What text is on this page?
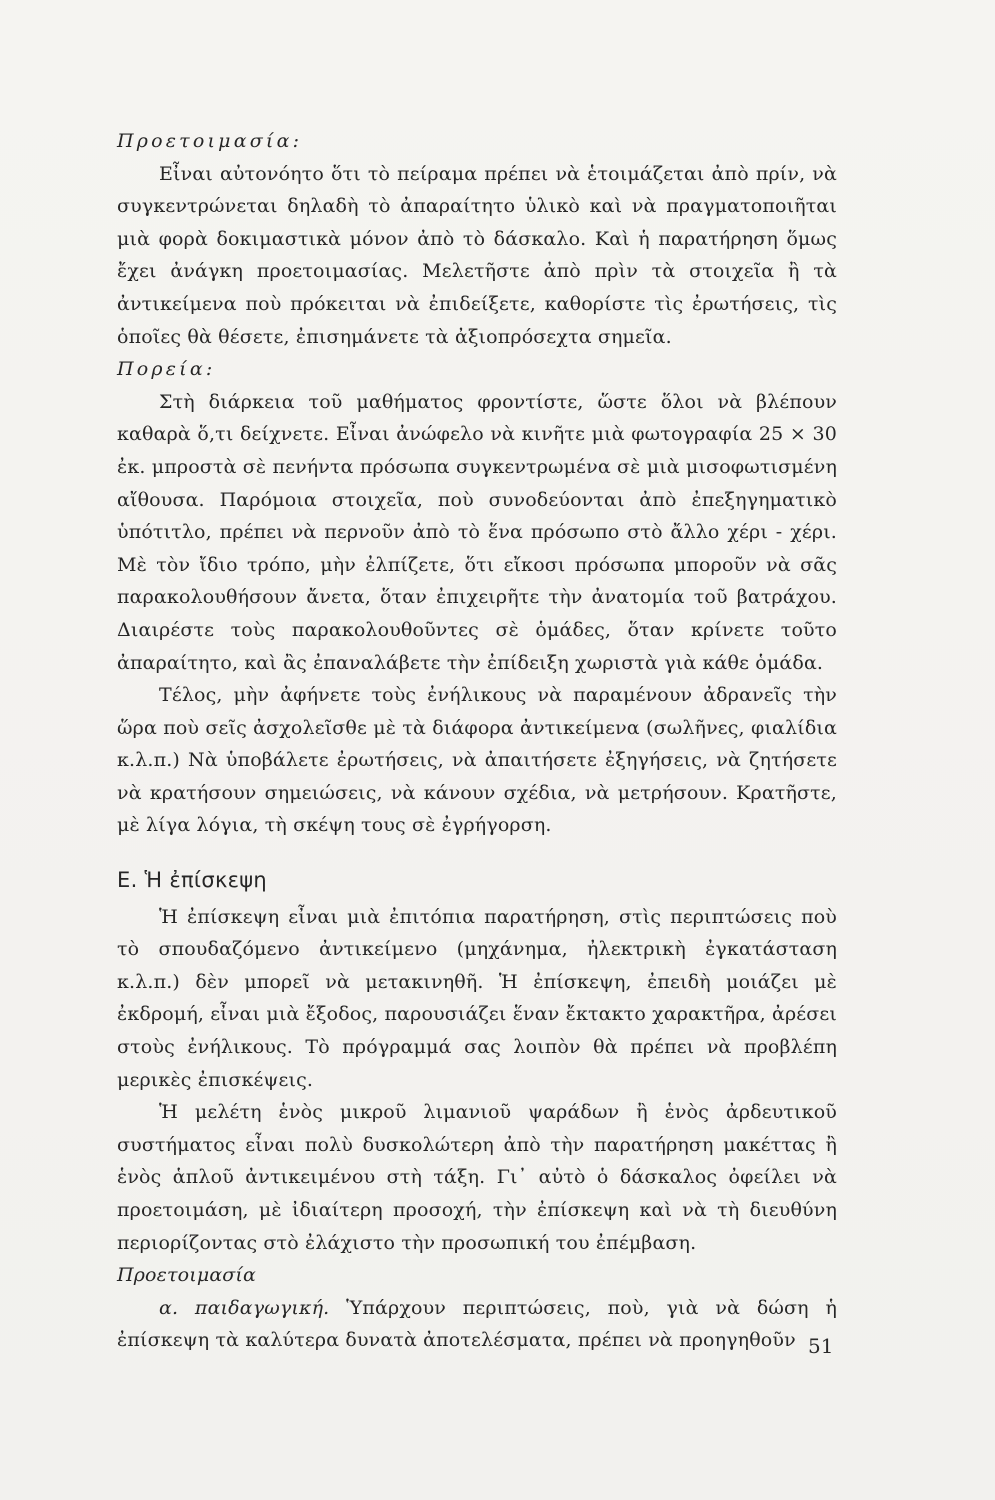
Προετοιμασία:

Εἶναι αὐτονόητο ὅτι τὸ πείραμα πρέπει νὰ ἑτοιμάζεται ἀπὸ πρίν, νὰ συγκεντρώνεται δηλαδὴ τὸ ἀπαραίτητο ὑλικὸ καὶ νὰ πραγματοποιῆται μιὰ φορὰ δοκιμαστικὰ μόνον ἀπὸ τὸ δάσκαλο. Καὶ ἡ παρατήρηση ὅμως ἔχει ἀνάγκη προετοιμασίας. Μελετῆστε ἀπὸ πρὶν τὰ στοιχεῖα ἢ τὰ ἀντικείμενα ποὺ πρόκειται νὰ ἐπιδείξετε, καθορίστε τὶς ἐρωτήσεις, τὶς ὁποῖες θὰ θέσετε, ἐπισημάνετε τὰ ἀξιοπρόσεχτα σημεῖα.

Πορεία:

Στὴ διάρκεια τοῦ μαθήματος φροντίστε, ὥστε ὅλοι νὰ βλέπουν καθαρὰ ὅ,τι δείχνετε. Εἶναι ἀνώφελο νὰ κινῆτε μιὰ φωτογραφία 25 × 30 ἐκ. μπροστὰ σὲ πενήντα πρόσωπα συγκεντρωμένα σὲ μιὰ μισοφωτισμένη αἴθουσα. Παρόμοια στοιχεῖα, ποὺ συνοδεύονται ἀπὸ ἐπεξηγηματικὸ ὑπότιτλο, πρέπει νὰ περνοῦν ἀπὸ τὸ ἕνα πρόσωπο στὸ ἄλλο χέρι - χέρι. Μὲ τὸν ἴδιο τρόπο, μὴν ἐλπίζετε, ὅτι εἴκοσι πρόσωπα μποροῦν νὰ σᾶς παρακολουθήσουν ἄνετα, ὅταν ἐπιχειρῆτε τὴν ἀνατομία τοῦ βατράχου. Διαιρέστε τοὺς παρακολουθοῦντες σὲ ὁμάδες, ὅταν κρίνετε τοῦτο ἀπαραίτητο, καὶ ἂς ἐπαναλάβετε τὴν ἐπίδειξη χωριστὰ γιὰ κάθε ὁμάδα.

Τέλος, μὴν ἀφήνετε τοὺς ἐνήλικους νὰ παραμένουν ἀδρανεῖς τὴν ὥρα ποὺ σεῖς ἀσχολεῖσθε μὲ τὰ διάφορα ἀντικείμενα (σωλῆνες, φιαλίδια κ.λ.π.) Νὰ ὑποβάλετε ἐρωτήσεις, νὰ ἀπαιτήσετε ἐξηγήσεις, νὰ ζητήσετε νὰ κρατήσουν σημειώσεις, νὰ κάνουν σχέδια, νὰ μετρήσουν. Κρατῆστε, μὲ λίγα λόγια, τὴ σκέψη τους σὲ ἐγρήγορση.

Ε. Ἡ ἐπίσκεψη

Ἡ ἐπίσκεψη εἶναι μιὰ ἐπιτόπια παρατήρηση, στὶς περιπτώσεις ποὺ τὸ σπουδαζόμενο ἀντικείμενο (μηχάνημα, ἠλεκτρικὴ ἐγκατάσταση κ.λ.π.) δὲν μπορεῖ νὰ μετακινηθῆ. Ἡ ἐπίσκεψη, ἐπειδὴ μοιάζει μὲ ἐκδρομή, εἶναι μιὰ ἔξοδος, παρουσιάζει ἕναν ἔκτακτο χαρακτῆρα, ἀρέσει στοὺς ἐνήλικους. Τὸ πρόγραμμά σας λοιπὸν θὰ πρέπει νὰ προβλέπη μερικὲς ἐπισκέψεις.

Ἡ μελέτη ἑνὸς μικροῦ λιμανιοῦ ψαράδων ἢ ἑνὸς ἀρδευτικοῦ συστήματος εἶναι πολὺ δυσκολώτερη ἀπὸ τὴν παρατήρηση μακέττας ἢ ἑνὸς ἁπλοῦ ἀντικειμένου στὴ τάξη. Γι᾽ αὐτὸ ὁ δάσκαλος ὀφείλει νὰ προετοιμάση, μὲ ἰδιαίτερη προσοχή, τὴν ἐπίσκεψη καὶ νὰ τὴ διευθύνη περιορίζοντας στὸ ἐλάχιστο τὴν προσωπική του ἐπέμβαση.

Προετοιμασία

α. παιδαγωγική. Ὑπάρχουν περιπτώσεις, ποὺ, γιὰ νὰ δώση ἡ ἐπίσκεψη τὰ καλύτερα δυνατὰ ἀποτελέσματα, πρέπει νὰ προηγηθοῦν 51
